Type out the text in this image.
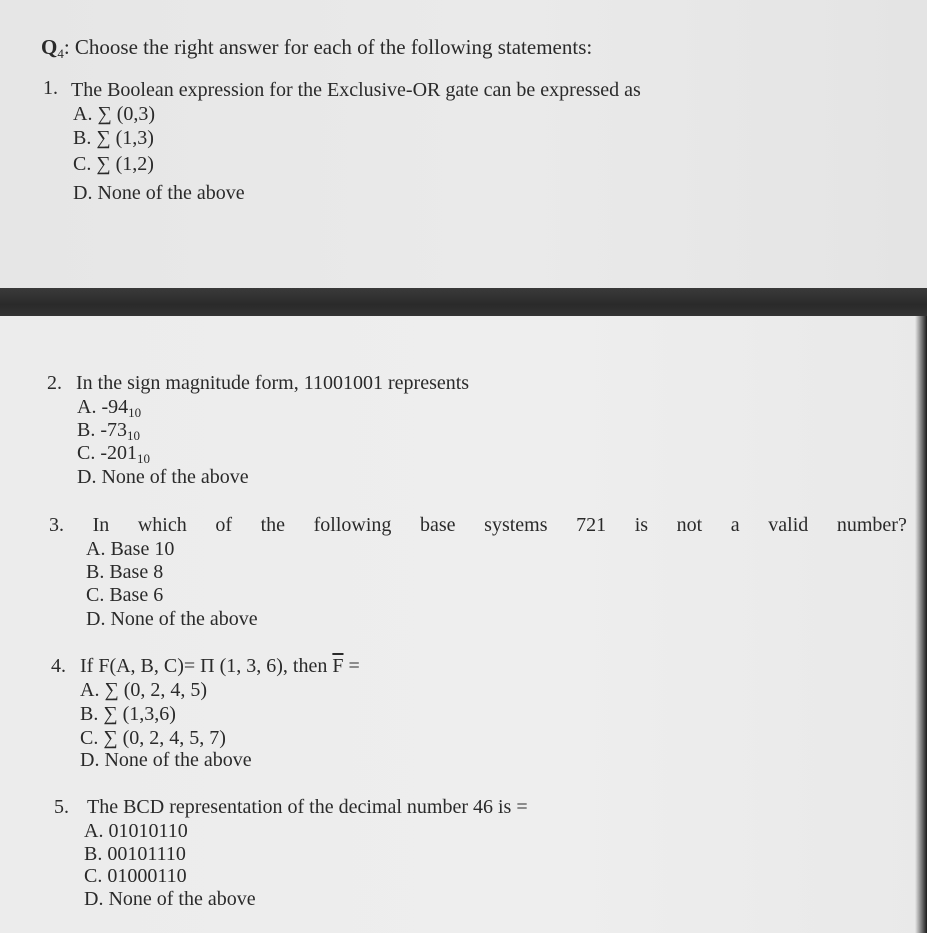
$Q_4$: Choose the right answer for each of the following statements:
1. The Boolean expression for the Exclusive-OR gate can be expressed as
A. ∑ (0,3)
B. ∑ (1,3)
C. ∑ (1,2)
D. None of the above
2. In the sign magnitude form, 11001001 represents
A. $-94_{10}$
B. $-73_{10}$
C. $-201_{10}$
D. None of the above
3. In which of the following base systems 721 is not a valid number?
A. Base 10
B. Base 8
C. Base 6
D. None of the above
4. If F(A, B, C)= Π (1, 3, 6), then $\overline{F}$ =
A. ∑ (0, 2, 4, 5)
B. ∑ (1,3,6)
C. ∑ (0, 2, 4, 5, 7)
D. None of the above
5. The BCD representation of the decimal number 46 is =
A. 01010110
B. 00101110
C. 01000110
D. None of the above
